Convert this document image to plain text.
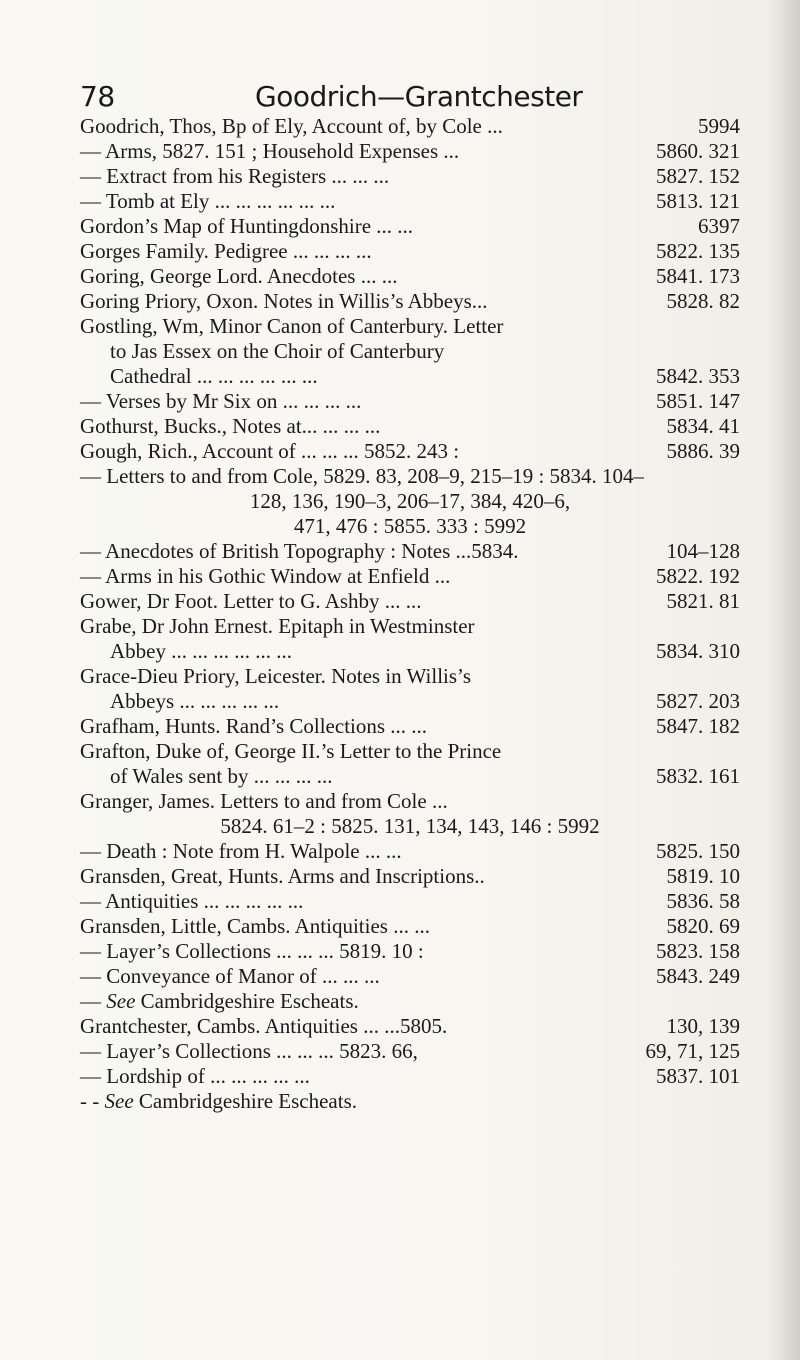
78	Goodrich—Grantchester
Goodrich, Thos, Bp of Ely, Account of, by Cole ...	5994
— Arms, 5827. 151 ; Household Expenses ...	5860. 321
— Extract from his Registers ... ... ...	5827. 152
— Tomb at Ely ... ... ... ... ... ...	5813. 121
Gordon’s Map of Huntingdonshire ... ...	6397
Gorges Family. Pedigree ... ... ... ...	5822. 135
Goring, George Lord. Anecdotes ... ...	5841. 173
Goring Priory, Oxon. Notes in Willis’s Abbeys...	5828. 82
Gostling, Wm, Minor Canon of Canterbury. Letter
to Jas Essex on the Choir of Canterbury
Cathedral ... ... ... ... ... ...	5842. 353
— Verses by Mr Six on ... ... ... ...	5851. 147
Gothurst, Bucks., Notes at... ... ... ...	5834. 41
Gough, Rich., Account of ... ... ... 5852. 243 :	5886. 39
— Letters to and from Cole, 5829. 83, 208–9, 215–19 : 5834. 104–
128, 136, 190–3, 206–17, 384, 420–6,
471, 476 : 5855. 333 : 5992
— Anecdotes of British Topography : Notes ...5834.	104–128
— Arms in his Gothic Window at Enfield ...	5822. 192
Gower, Dr Foot. Letter to G. Ashby ... ...	5821. 81
Grabe, Dr John Ernest. Epitaph in Westminster
Abbey ... ... ... ... ... ...	5834. 310
Grace-Dieu Priory, Leicester. Notes in Willis’s
Abbeys ... ... ... ... ...	5827. 203
Grafham, Hunts. Rand’s Collections ... ...	5847. 182
Grafton, Duke of, George II.’s Letter to the Prince
of Wales sent by ... ... ... ...	5832. 161
Granger, James. Letters to and from Cole ...
5824. 61–2 : 5825. 131, 134, 143, 146 : 5992
— Death : Note from H. Walpole ... ...	5825. 150
Gransden, Great, Hunts. Arms and Inscriptions..	5819. 10
— Antiquities ... ... ... ... ...	5836. 58
Gransden, Little, Cambs. Antiquities ... ...	5820. 69
— Layer’s Collections ... ... ... 5819. 10 :	5823. 158
— Conveyance of Manor of ... ... ...	5843. 249
— See Cambridgeshire Escheats.
Grantchester, Cambs. Antiquities ... ...5805.	130, 139
— Layer’s Collections ... ... ... 5823. 66,	69, 71, 125
— Lordship of ... ... ... ... ...	5837. 101
- - See Cambridgeshire Escheats.
